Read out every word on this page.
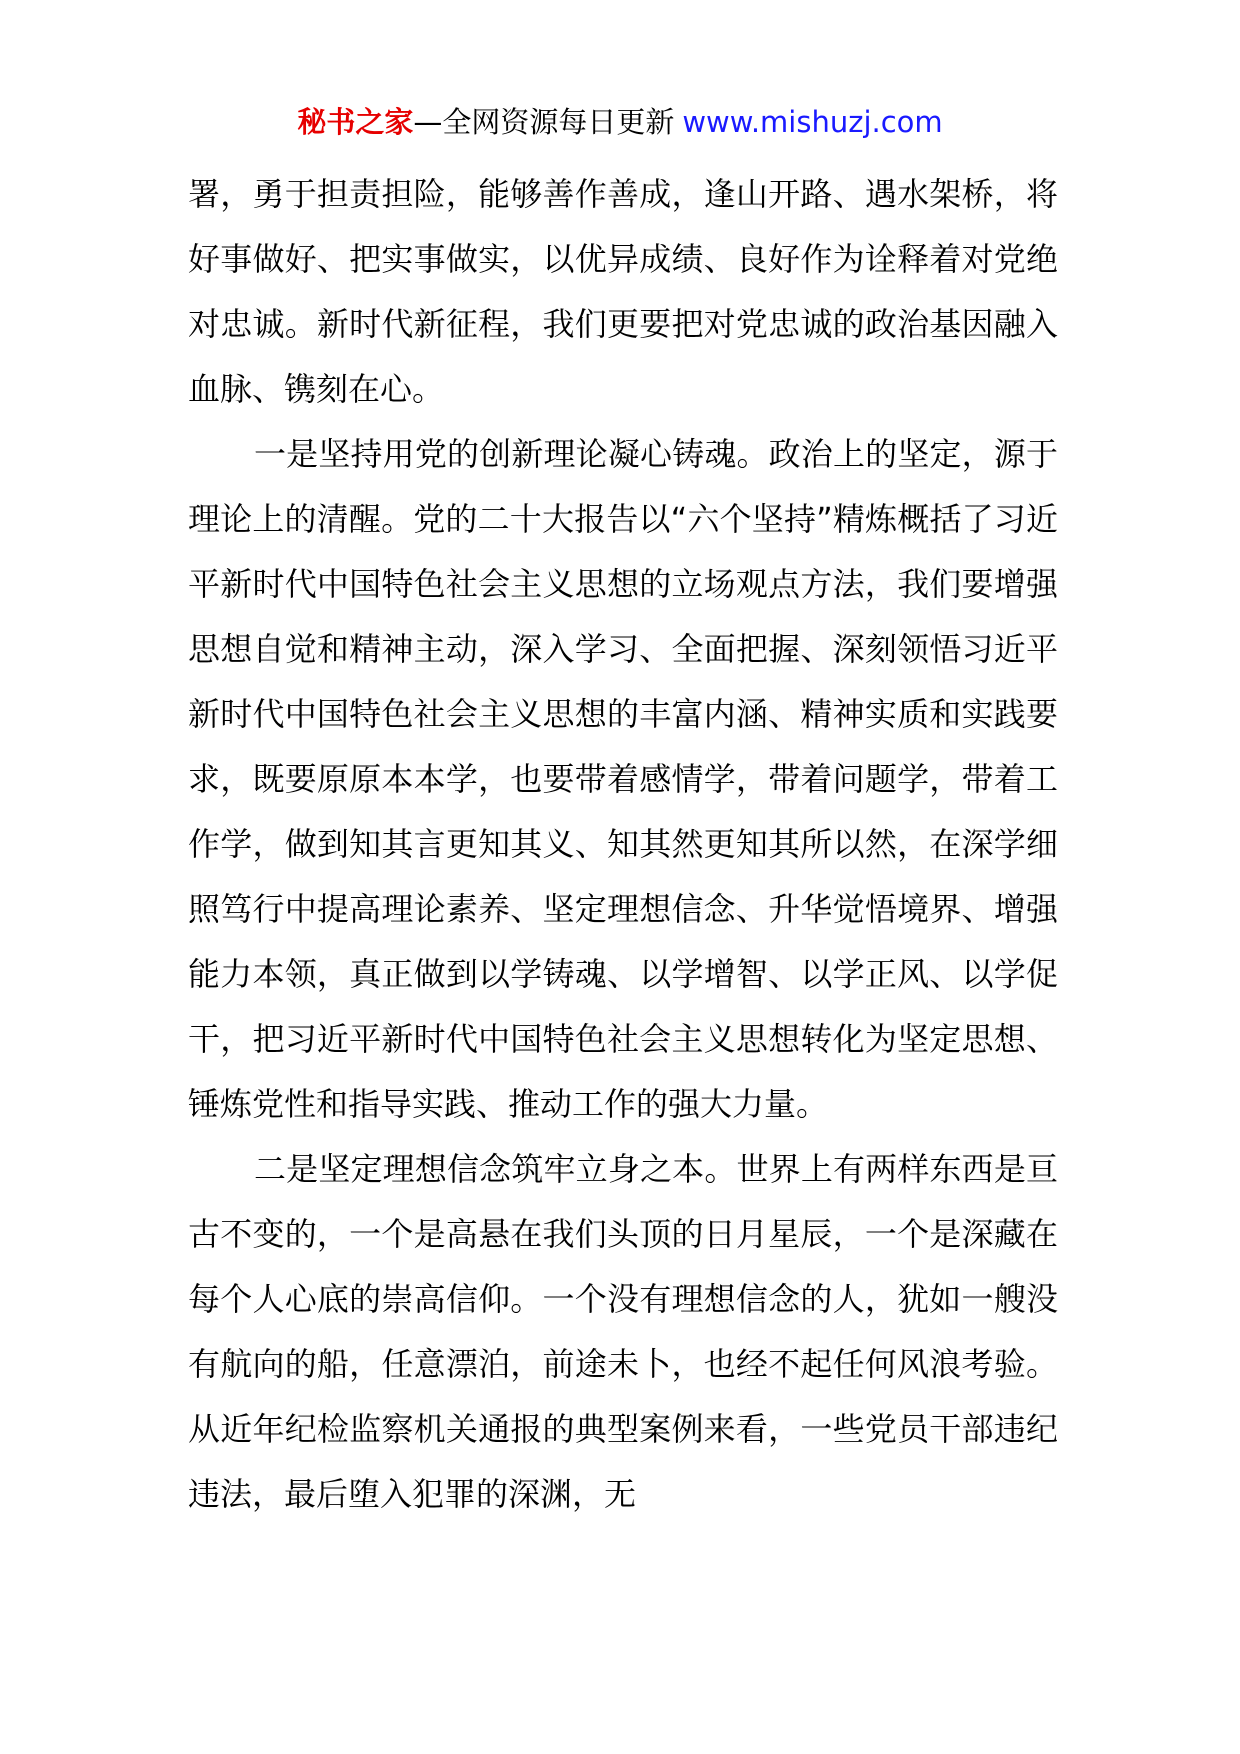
秘书之家—全网资源每日更新 www.mishuzj.com

署，勇于担责担险，能够善作善成，逢山开路、遇水架桥，将好事做好、把实事做实，以优异成绩、良好作为诠释着对党绝对忠诚。新时代新征程，我们更要把对党忠诚的政治基因融入血脉、镌刻在心。

一是坚持用党的创新理论凝心铸魂。政治上的坚定，源于理论上的清醒。党的二十大报告以“六个坚持”精炼概括了习近平新时代中国特色社会主义思想的立场观点方法，我们要增强思想自觉和精神主动，深入学习、全面把握、深刻领悟习近平新时代中国特色社会主义思想的丰富内涵、精神实质和实践要求，既要原原本本学，也要带着感情学，带着问题学，带着工作学，做到知其言更知其义、知其然更知其所以然，在深学细照笃行中提高理论素养、坚定理想信念、升华觉悟境界、增强能力本领，真正做到以学铸魂、以学增智、以学正风、以学促干，把习近平新时代中国特色社会主义思想转化为坚定思想、锤炼党性和指导实践、推动工作的强大力量。

二是坚定理想信念筑牢立身之本。世界上有两样东西是亘古不变的，一个是高悬在我们头顶的日月星辰，一个是深藏在每个人心底的崇高信仰。一个没有理想信念的人，犹如一艘没有航向的船，任意漂泊，前途未卜，也经不起任何风浪考验。从近年纪检监察机关通报的典型案例来看，一些党员干部违纪违法，最后堕入犯罪的深渊，无
